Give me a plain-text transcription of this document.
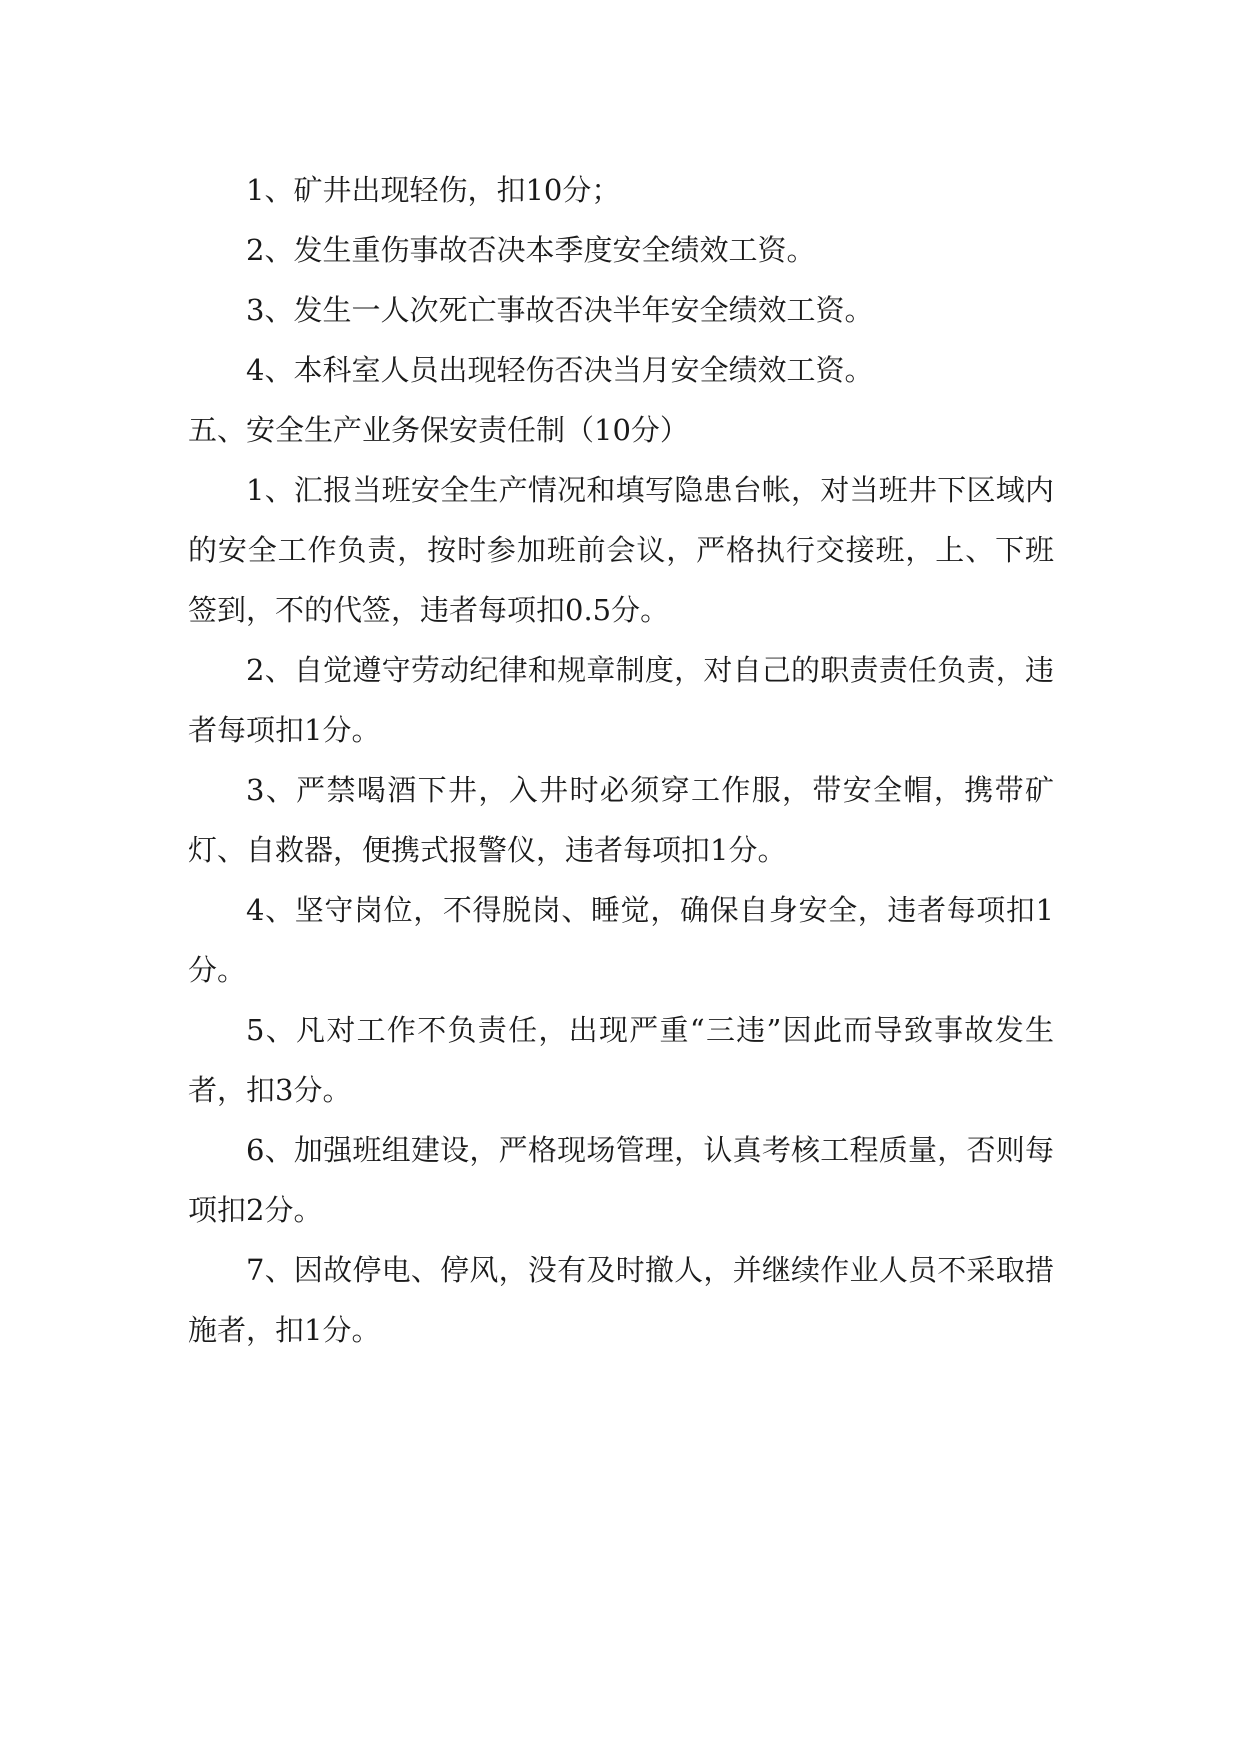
1、矿井出现轻伤，扣10分；

2、发生重伤事故否决本季度安全绩效工资。

3、发生一人次死亡事故否决半年安全绩效工资。

4、本科室人员出现轻伤否决当月安全绩效工资。

五、安全生产业务保安责任制（10分）

1、汇报当班安全生产情况和填写隐患台帐，对当班井下区域内的安全工作负责，按时参加班前会议，严格执行交接班，上、下班签到，不的代签，违者每项扣0.5分。

2、自觉遵守劳动纪律和规章制度，对自己的职责责任负责，违者每项扣1分。

3、严禁喝酒下井，入井时必须穿工作服，带安全帽，携带矿灯、自救器，便携式报警仪，违者每项扣1分。

4、坚守岗位，不得脱岗、睡觉，确保自身安全，违者每项扣1分。

5、凡对工作不负责任，出现严重“三违”因此而导致事故发生者，扣3分。

6、加强班组建设，严格现场管理，认真考核工程质量，否则每项扣2分。

7、因故停电、停风，没有及时撤人，并继续作业人员不采取措施者，扣1分。
